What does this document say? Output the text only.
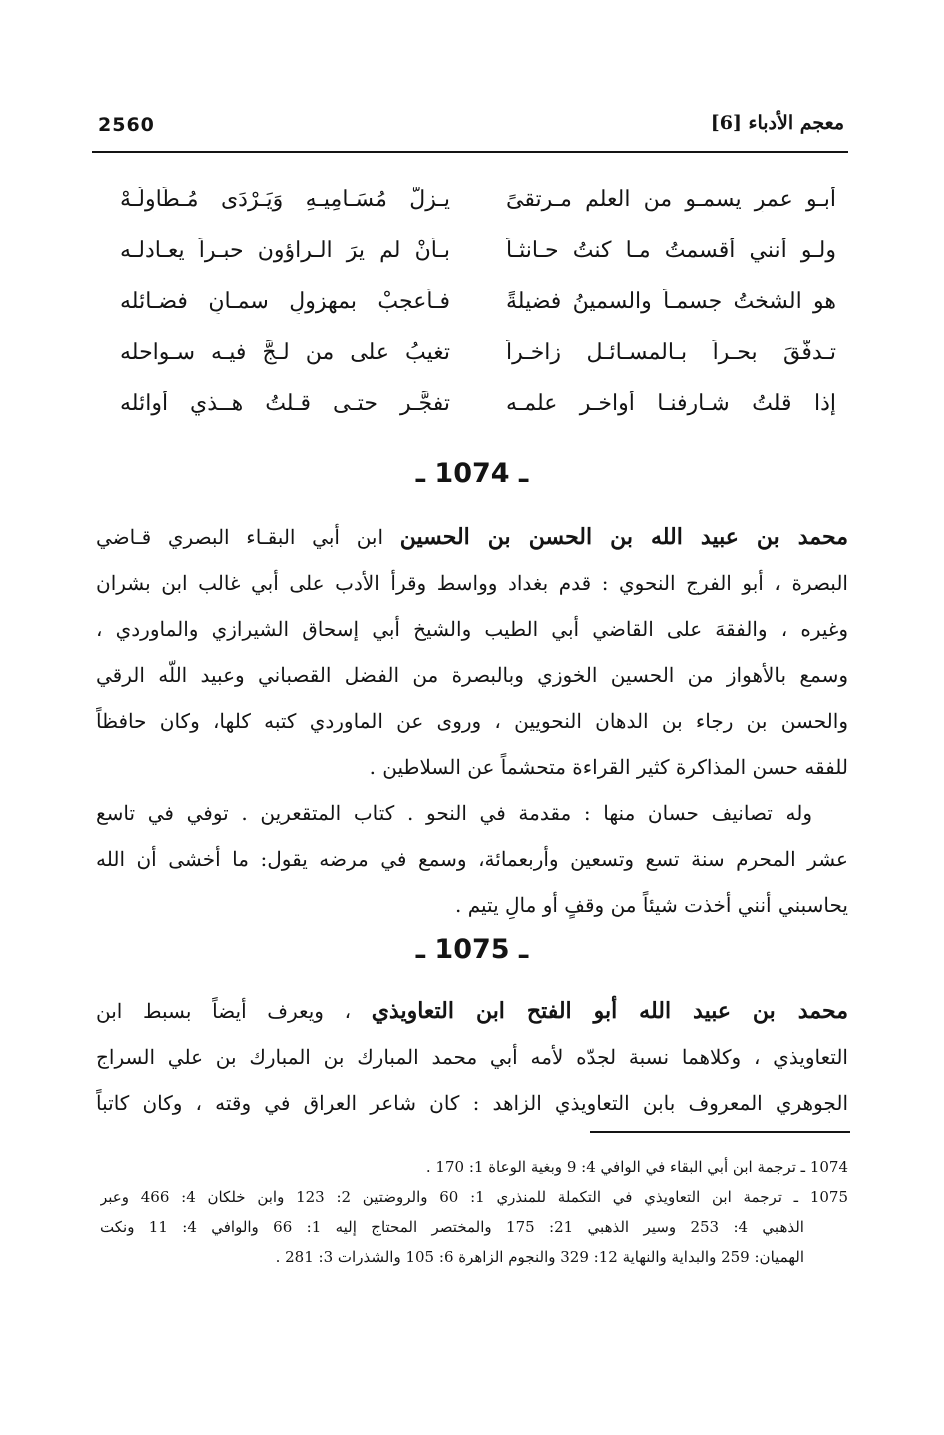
2560	معجم الأدباء [6]
أبـو عمرٍ يسمـو من العلم مـرتقىً
يـزلُّ مُسَـامِيـهِ وَيَـرْدَى مُـطَاوِلُـهْ
ولـو أنني أقسمتُ مـا كنتُ حـانثـاً
بـأنْ لم يرَ الـراؤون حبـراً يعـادلـه
هو الشختُ جسمـاً والسمينُ فضيلةً
فـأعجبْ بمهزولٍ سمـانٍ فضـائله
تـدفَّقَ بحـراً بـالمسـائـل زاخـراً
تغيبُ على من لـجَّ فيـه سـواحله
إذا قلتُ شـارفنـا أواخـر علمـه
تفجَّـر حتـى قـلتُ هــذي أوائله
ـ 1074 ـ
محمد بن عبيد الله بن الحسن بن الحسين ابن أبي البقـاء البصري قـاضي
البصرة ، أبو الفرج النحوي : قدم بغداد وواسط وقرأ الأدب على أبي غالب ابن بشران
وغيره ، والفقهَ على القاضي أبي الطيب والشيخ أبي إسحاق الشيرازي والماوردي ،
وسمع بالأهواز من الحسين الخوزي وبالبصرة من الفضل القصباني وعبيد اللّه الرقي
والحسن بن رجاء بن الدهان النحويين ، وروى عن الماوردي كتبه كلها، وكان حافظاً
للفقه حسن المذاكرة كثير القراءة متحشماً عن السلاطين .
وله تصانيف حسان منها : مقدمة في النحو . كتاب المتقعرين . توفي في تاسع
عشر المحرم سنة تسع وتسعين وأربعمائة، وسمع في مرضه يقول: ما أخشى أن الله
يحاسبني أنني أخذت شيئاً من وقفٍ أو مالِ يتيم .
ـ 1075 ـ
محمد بن عبيد الله أبو الفتح ابن التعاويذي ، ويعرف أيضاً بسبط ابن
التعاويذي ، وكلاهما نسبة لجدّه لأمه أبي محمد المبارك بن المبارك بن علي السراج
الجوهري المعروف بابن التعاويذي الزاهد : كان شاعر العراق في وقته ، وكان كاتباً
1074 ـ ترجمة ابن أبي البقاء في الوافي 4: 9 وبغية الوعاة 1: 170 .
1075 ـ ترجمة ابن التعاويذي في التكملة للمنذري 1: 60 والروضتين 2: 123 وابن خلكان 4: 466 وعبر
الذهبي 4: 253 وسير الذهبي 21: 175 والمختصر المحتاج إليه 1: 66 والوافي 4: 11 ونكت
الهميان: 259 والبداية والنهاية 12: 329 والنجوم الزاهرة 6: 105 والشذرات 3: 281 .
